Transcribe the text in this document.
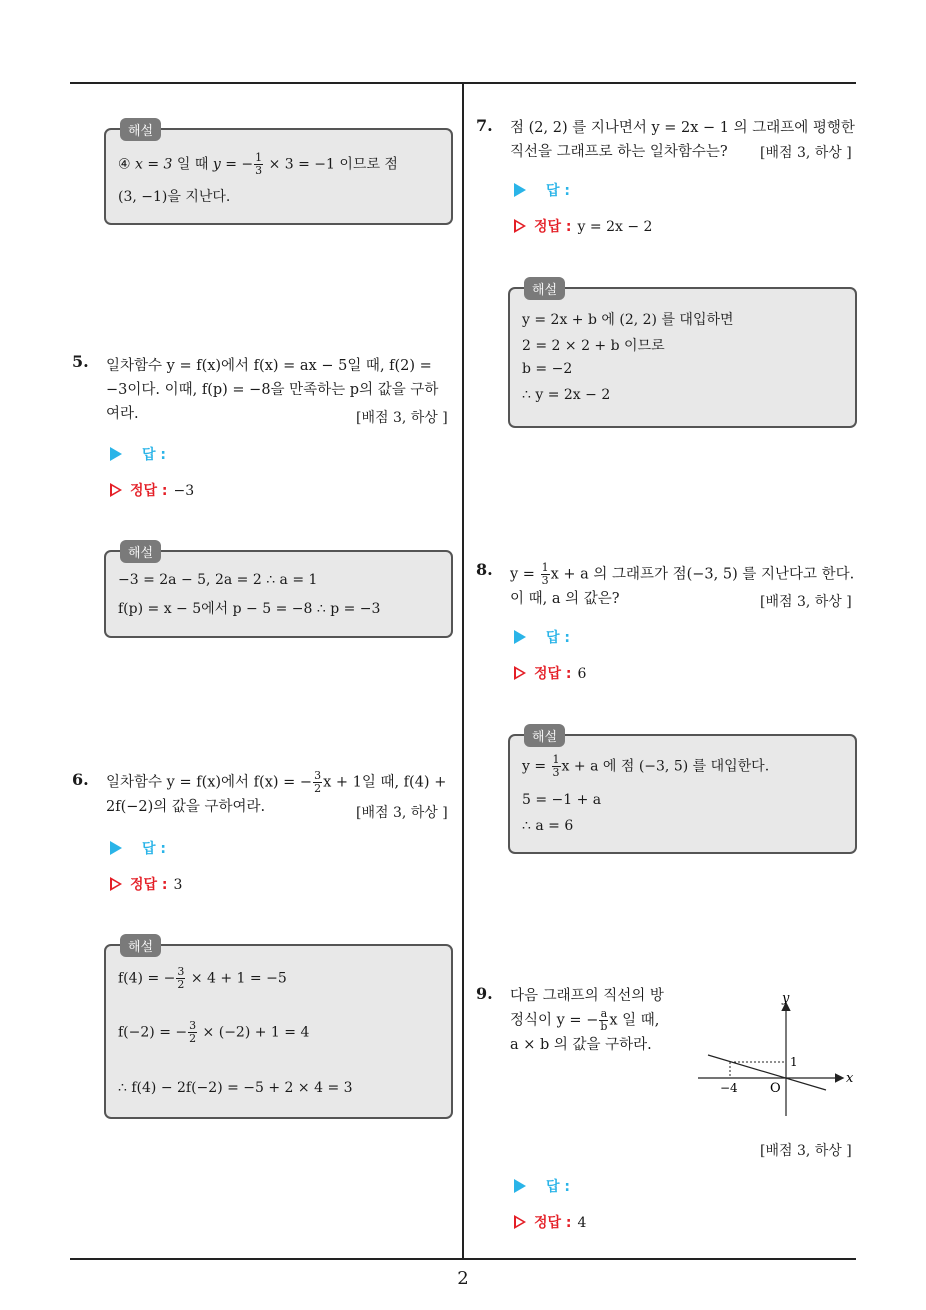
2
해설
④ x = 3 일 때 y = − $\frac{1}{3} \times 3 = -1$ 이므로 점
(3, −1)을 지난다.
5. 일차함수 y = f(x)에서 f(x) = ax − 5일 때, f(2) =
−3이다. 이때, f(p) = −8을 만족하는 p의 값을 구하
여라.	[배점 3, 하상 ]
답 :
정답 : −3
해설
−3 = 2a − 5, 2a = 2 ∴ a = 1
f(p) = x − 5에서 p − 5 = −8 ∴ p = −3
6. 일차함수 y = f(x)에서 f(x) = − $\frac{3}{2}$ x + 1일 때, f(4) +
2f(−2)의 값을 구하여라.	[배점 3, 하상 ]
답 :
정답 : 3
해설
f(4) = − $\frac{3}{2} \times 4 + 1 = -5$
f(−2) = − $\frac{3}{2} \times (-2) + 1 = 4$
∴ f(4) − 2f(−2) = −5 + 2 × 4 = 3
7. 점 (2, 2) 를 지나면서 y = 2x − 1 의 그래프에 평행한
직선을 그래프로 하는 일차함수는?	[배점 3, 하상 ]
답 :
정답 : y = 2x − 2
해설
y = 2x + b 에 (2, 2) 를 대입하면
2 = 2 × 2 + b 이므로
b = −2
∴ y = 2x − 2
8. $y = \frac{1}{3}$ x + a 의 그래프가 점(−3, 5) 를 지난다고 한다.
이 때, a 의 값은?	[배점 3, 하상 ]
답 :
정답 : 6
해설
$y = \frac{1}{3}$ x + a 에 점 (−3, 5) 를 대입한다.
5 = −1 + a
∴ a = 6
9. 다음 그래프의 직선의 방
정식이 y = − $\frac{a}{b}$ x 일 때,
a × b 의 값을 구하라.
x
y
O
−4
1
[배점 3, 하상 ]
답 :
정답 : 4
